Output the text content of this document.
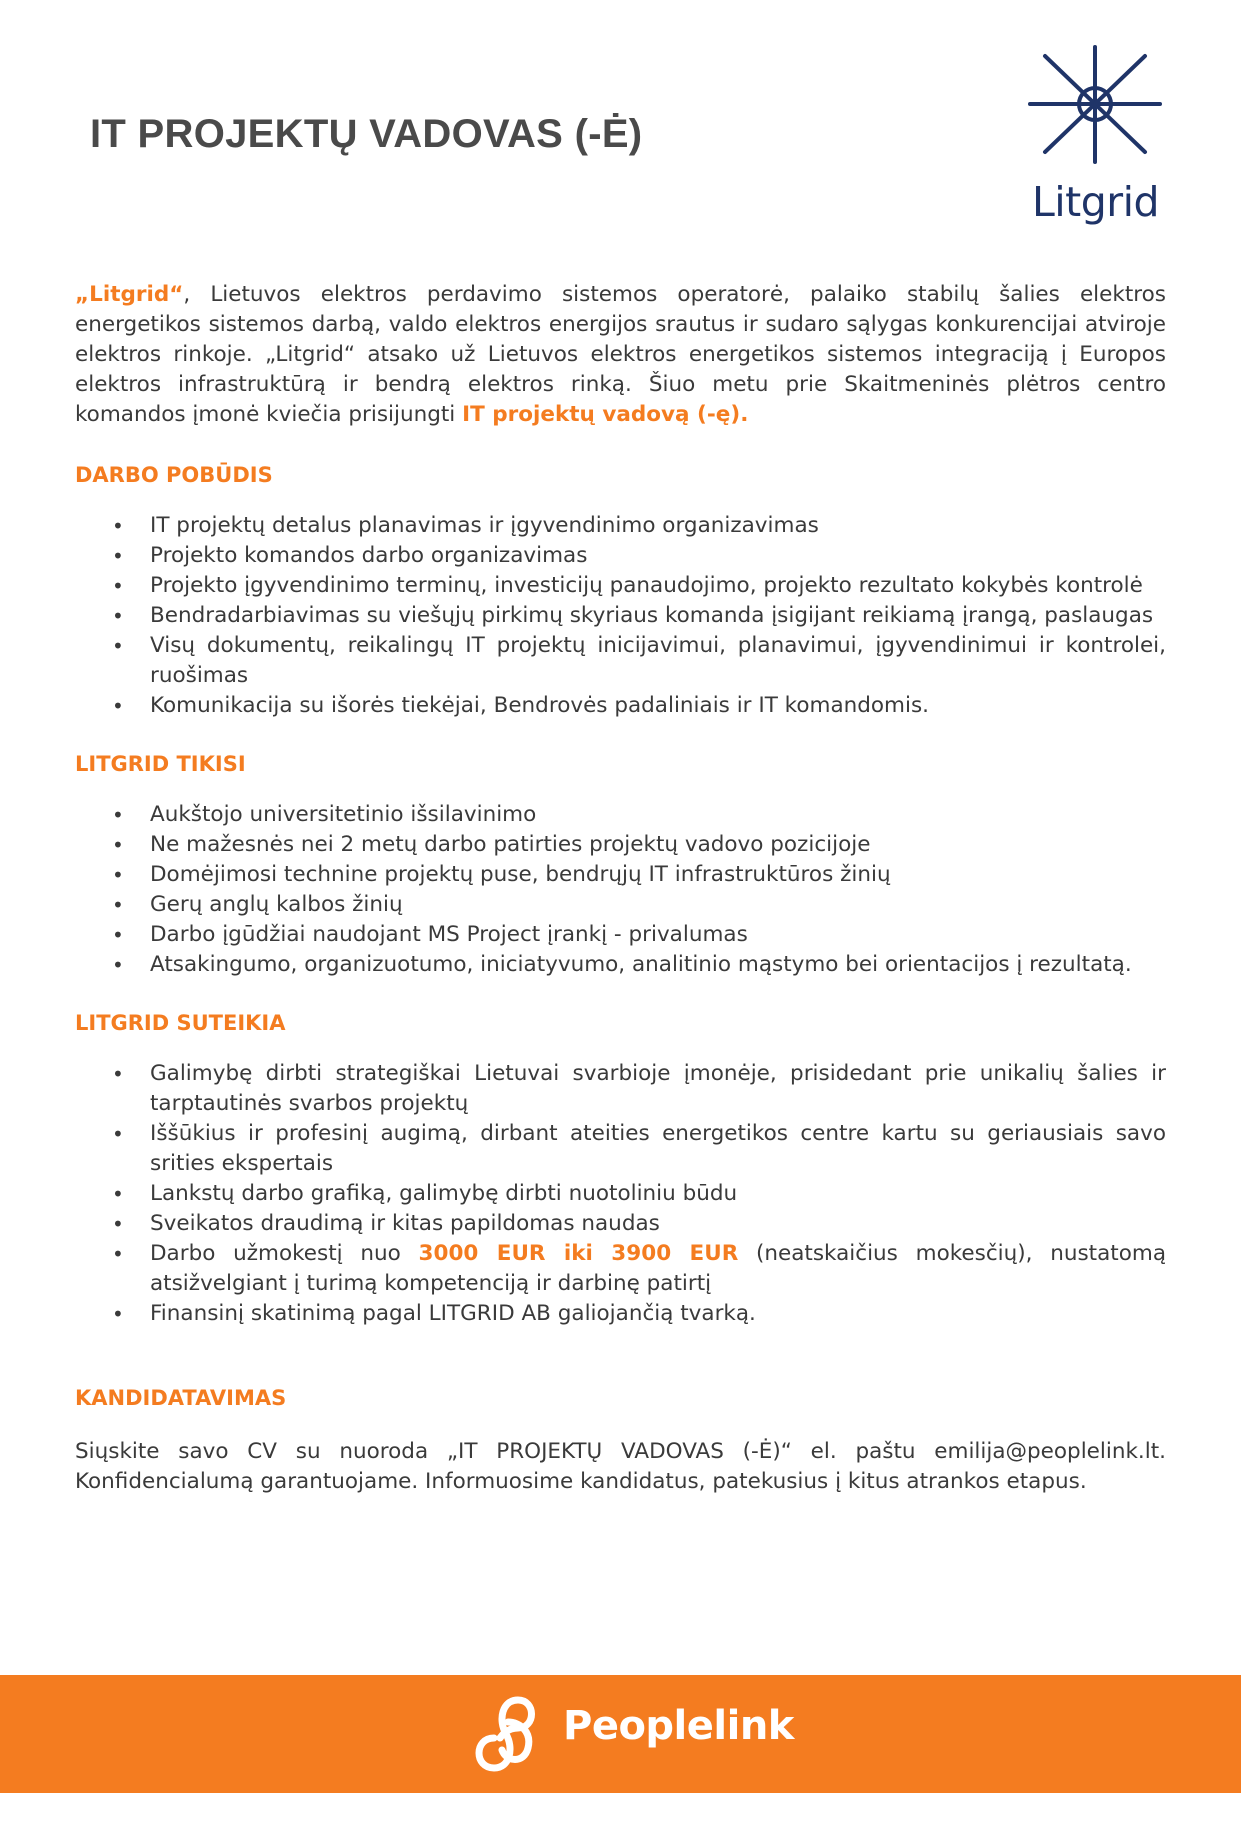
IT PROJEKTŲ VADOVAS (-Ė)
Litgrid

„Litgrid“, Lietuvos elektros perdavimo sistemos operatorė, palaiko stabilų šalies elektros energetikos sistemos darbą, valdo elektros energijos srautus ir sudaro sąlygas konkurencijai atviroje elektros rinkoje. „Litgrid“ atsako už Lietuvos elektros energetikos sistemos integraciją į Europos elektros infrastruktūrą ir bendrą elektros rinką. Šiuo metu prie Skaitmeninės plėtros centro komandos įmonė kviečia prisijungti IT projektų vadovą (-ę).

DARBO POBŪDIS
• IT projektų detalus planavimas ir įgyvendinimo organizavimas
• Projekto komandos darbo organizavimas
• Projekto įgyvendinimo terminų, investicijų panaudojimo, projekto rezultato kokybės kontrolė
• Bendradarbiavimas su viešųjų pirkimų skyriaus komanda įsigijant reikiamą įrangą, paslaugas
• Visų dokumentų, reikalingų IT projektų inicijavimui, planavimui, įgyvendinimui ir kontrolei, ruošimas
• Komunikacija su išorės tiekėjai, Bendrovės padaliniais ir IT komandomis.
LITGRID TIKISI
• Aukštojo universitetinio išsilavinimo
• Ne mažesnės nei 2 metų darbo patirties projektų vadovo pozicijoje
• Domėjimosi technine projektų puse, bendrųjų IT infrastruktūros žinių
• Gerų anglų kalbos žinių
• Darbo įgūdžiai naudojant MS Project įrankį - privalumas
• Atsakingumo, organizuotumo, iniciatyvumo, analitinio mąstymo bei orientacijos į rezultatą.
LITGRID SUTEIKIA
• Galimybę dirbti strategiškai Lietuvai svarbioje įmonėje, prisidedant prie unikalių šalies ir tarptautinės svarbos projektų
• Iššūkius ir profesinį augimą, dirbant ateities energetikos centre kartu su geriausiais savo srities ekspertais
• Lankstų darbo grafiką, galimybę dirbti nuotoliniu būdu
• Sveikatos draudimą ir kitas papildomas naudas
• Darbo užmokestį nuo 3000 EUR iki 3900 EUR (neatskaičius mokesčių), nustatomą atsižvelgiant į turimą kompetenciją ir darbinę patirtį
• Finansinį skatinimą pagal LITGRID AB galiojančią tvarką.
KANDIDATAVIMAS

Siųskite savo CV su nuoroda „IT PROJEKTŲ VADOVAS (-Ė)“ el. paštu emilija@peoplelink.lt. Konfidencialumą garantuojame. Informuosime kandidatus, patekusius į kitus atrankos etapus.

Peoplelink
